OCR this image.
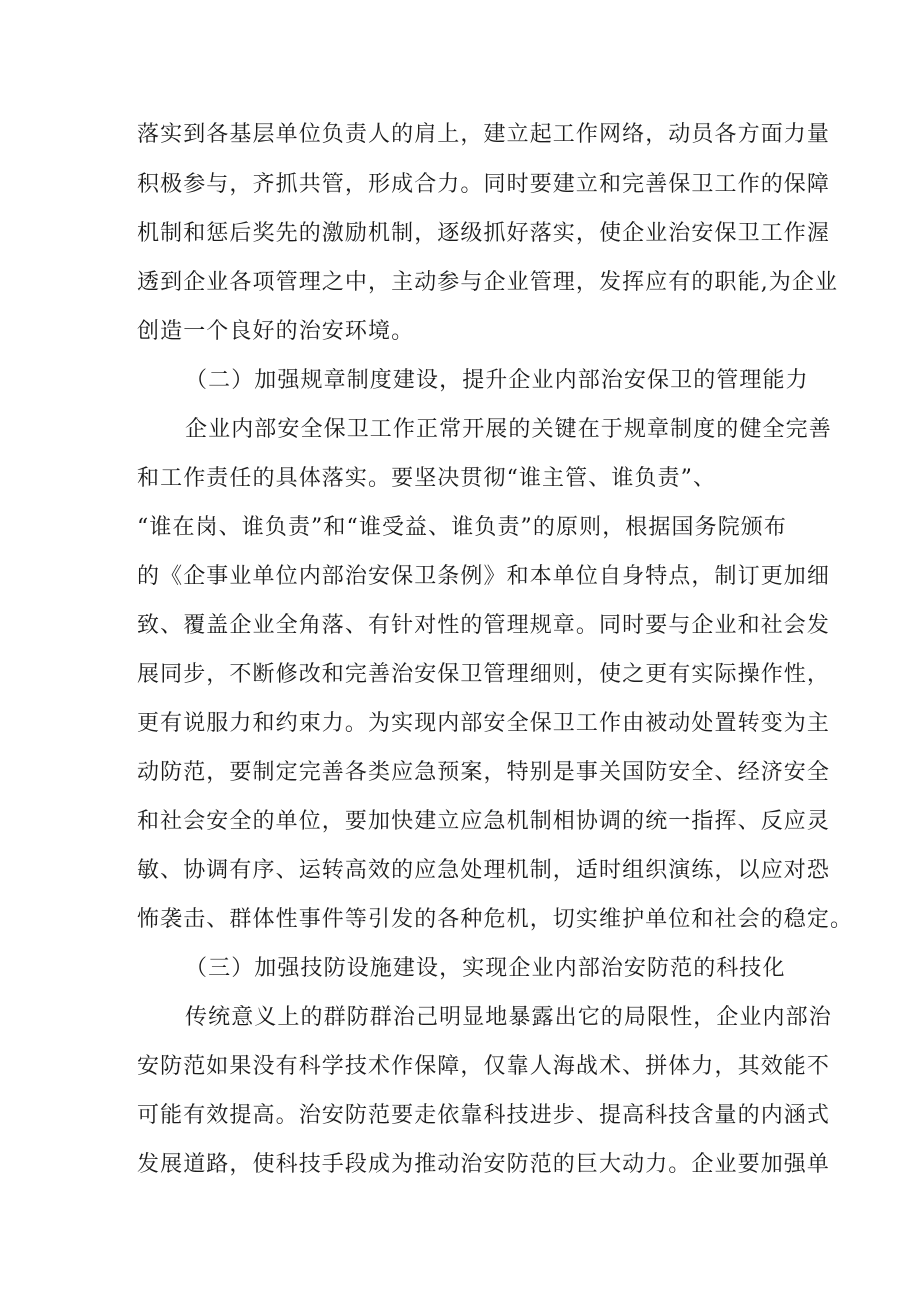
落实到各基层单位负责人的肩上，建立起工作网络，动员各方面力量
积极参与，齐抓共管，形成合力。同时要建立和完善保卫工作的保障
机制和惩后奖先的激励机制，逐级抓好落实，使企业治安保卫工作渥
透到企业各项管理之中，主动参与企业管理，发挥应有的职能,为企业
创造一个良好的治安环境。
（二）加强规章制度建设，提升企业内部治安保卫的管理能力
企业内部安全保卫工作正常开展的关键在于规章制度的健全完善
和工作责任的具体落实。要坚决贯彻“谁主管、谁负责”、
“谁在岗、谁负责”和“谁受益、谁负责”的原则，根据国务院颁布
的《企事业单位内部治安保卫条例》和本单位自身特点，制订更加细
致、覆盖企业全角落、有针对性的管理规章。同时要与企业和社会发
展同步，不断修改和完善治安保卫管理细则，使之更有实际操作性，
更有说服力和约束力。为实现内部安全保卫工作由被动处置转变为主
动防范，要制定完善各类应急预案，特别是事关国防安全、经济安全
和社会安全的单位，要加快建立应急机制相协调的统一指挥、反应灵
敏、协调有序、运转高效的应急处理机制，适时组织演练，以应对恐
怖袭击、群体性事件等引发的各种危机，切实维护单位和社会的稳定。
（三）加强技防设施建设，实现企业内部治安防范的科技化
传统意义上的群防群治己明显地暴露出它的局限性，企业内部治
安防范如果没有科学技术作保障，仅靠人海战术、拼体力，其效能不
可能有效提高。治安防范要走依靠科技进步、提高科技含量的内涵式
发展道路，使科技手段成为推动治安防范的巨大动力。企业要加强单
